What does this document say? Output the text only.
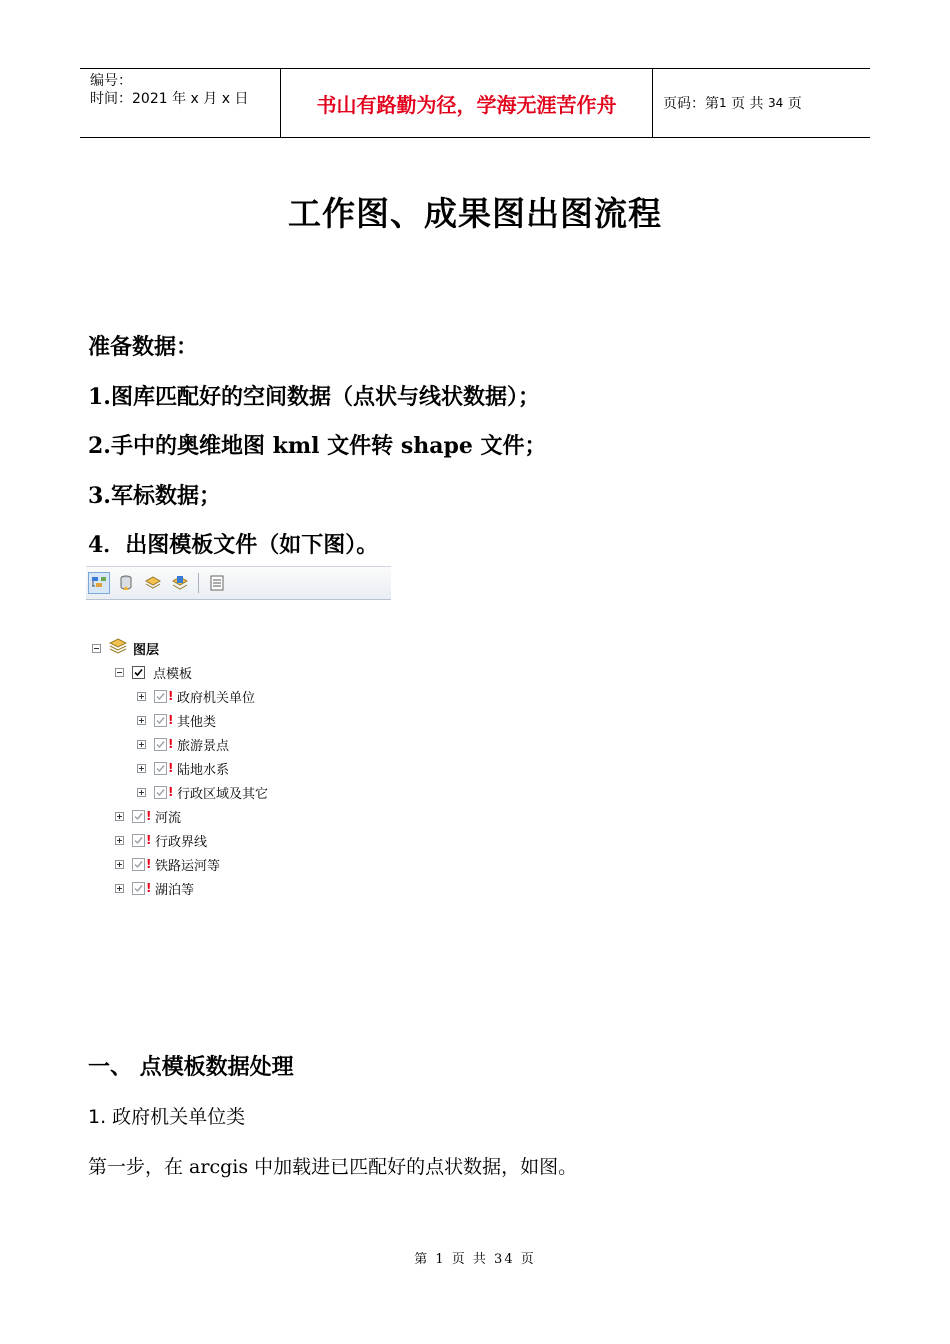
编号：
时间：2021 年 x 月 x 日	书山有路勤为径，学海无涯苦作舟	页码：第 1
页 共
34
页
工作图、成果图出图流程
准备数据：
1.图库匹配好的空间数据（点状与线状数据）；
2.手中的奥维地图 kml 文件转 shape 文件；
3.军标数据；
4．出图模板文件（如下图）。
图层
点模板
! 政府机关单位
! 其他类
! 旅游景点
! 陆地水系
! 行政区域及其它
! 河流
! 行政界线
! 铁路运河等
! 湖泊等
一、 点模板数据处理
1. 政府机关单位类
第一步，在 arcgis 中加载进已匹配好的点状数据，如图。
第 1 页 共 34 页
